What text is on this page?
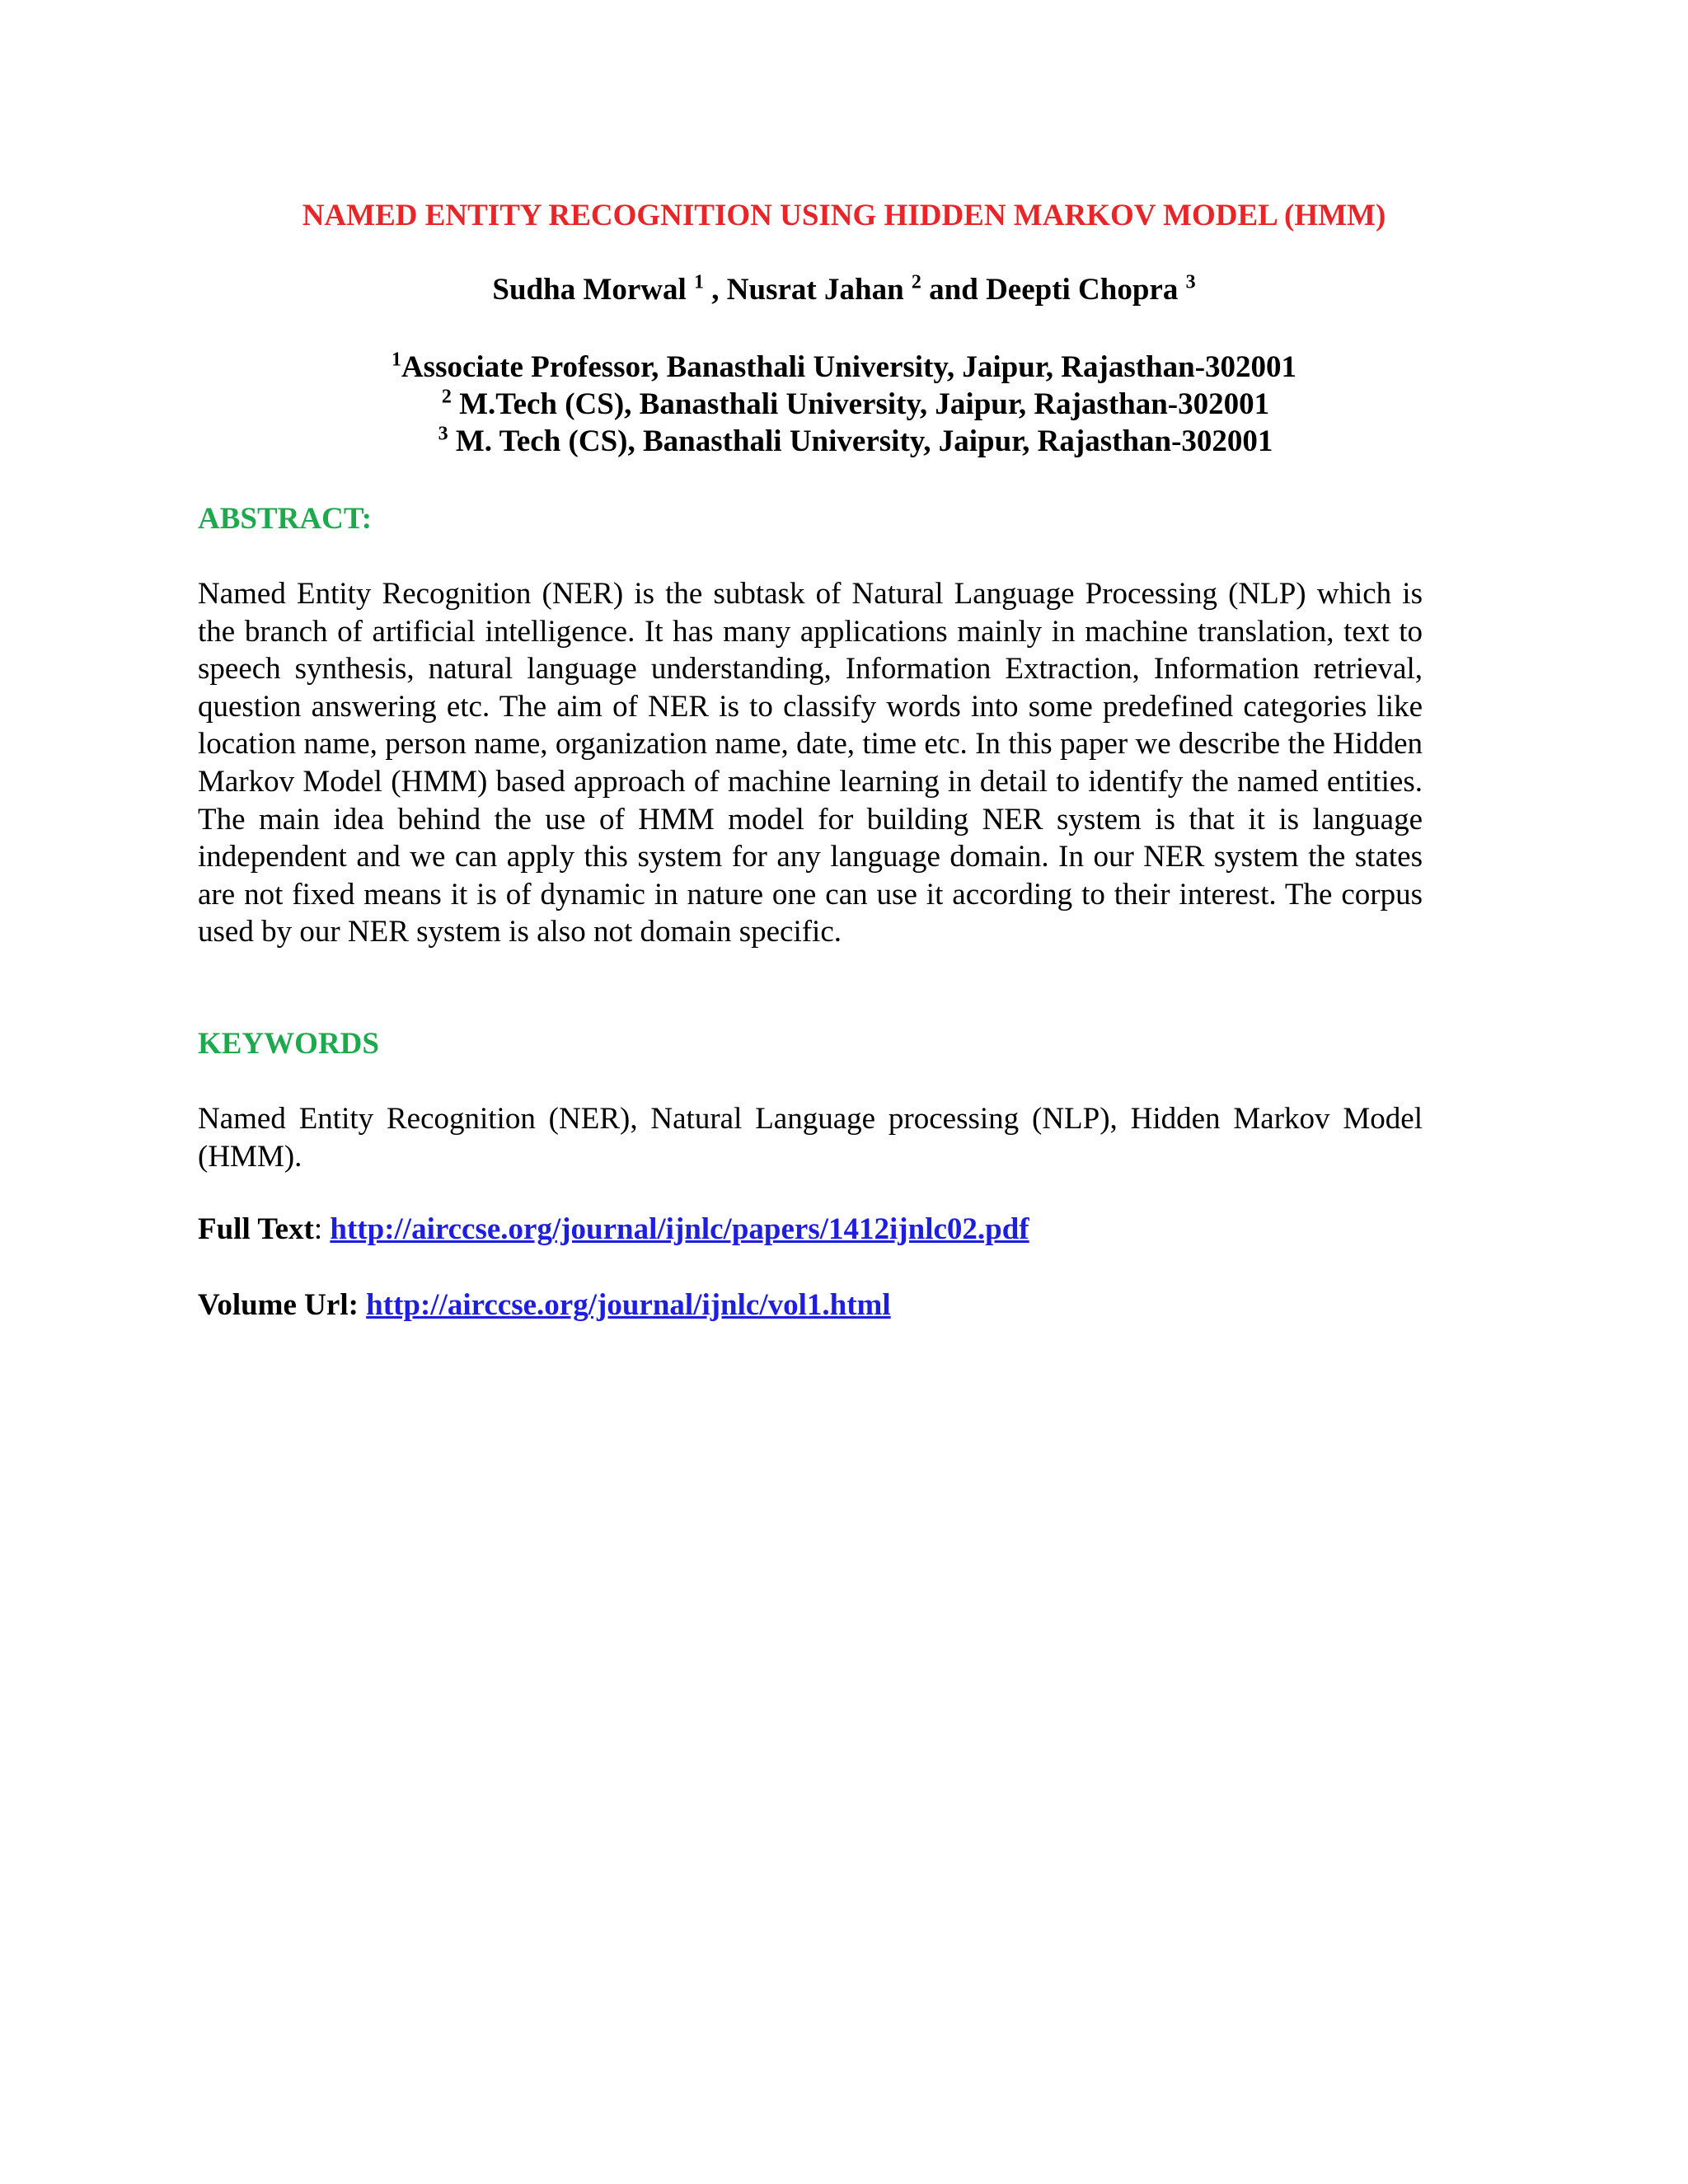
NAMED ENTITY RECOGNITION USING HIDDEN MARKOV MODEL (HMM)
Sudha Morwal $^1$ , Nusrat Jahan $^2$ and Deepti Chopra $^3$
$^1$Associate Professor, Banasthali University, Jaipur, Rajasthan-302001
$^2$ M.Tech (CS), Banasthali University, Jaipur, Rajasthan-302001
$^3$ M. Tech (CS), Banasthali University, Jaipur, Rajasthan-302001
ABSTRACT:
Named Entity Recognition (NER) is the subtask of Natural Language Processing (NLP) which is the branch of artificial intelligence. It has many applications mainly in machine translation, text to speech synthesis, natural language understanding, Information Extraction, Information retrieval, question answering etc. The aim of NER is to classify words into some predefined categories like location name, person name, organization name, date, time etc. In this paper we describe the Hidden Markov Model (HMM) based approach of machine learning in detail to identify the named entities. The main idea behind the use of HMM model for building NER system is that it is language independent and we can apply this system for any language domain. In our NER system the states are not fixed means it is of dynamic in nature one can use it according to their interest. The corpus used by our NER system is also not domain specific.
KEYWORDS
Named Entity Recognition (NER), Natural Language processing (NLP), Hidden Markov Model (HMM).
Full Text: http://airccse.org/journal/ijnlc/papers/1412ijnlc02.pdf
Volume Url: http://airccse.org/journal/ijnlc/vol1.html
